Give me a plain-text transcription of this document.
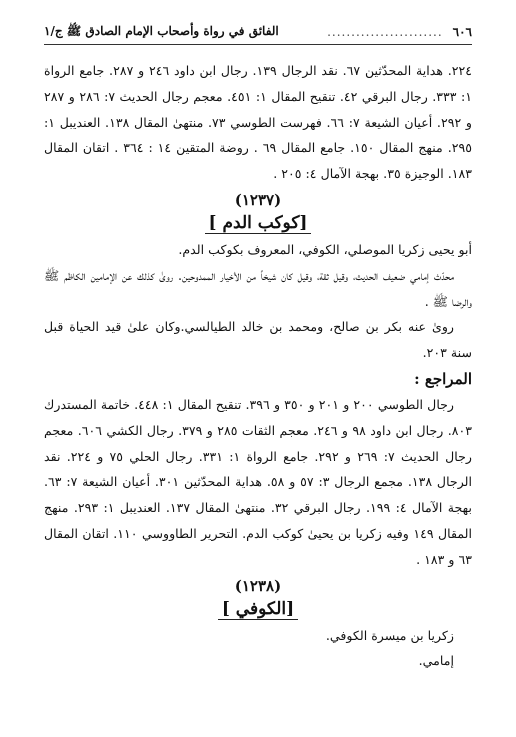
٦٠٦
........................
الفائق في رواة وأصحاب الإمام الصادق ﷺ ج/١

٢٢٤. هداية المحدّثين ٦٧. نقد الرجال ١٣٩. رجال ابن داود ٢٤٦ و ٢٨٧. جامع الرواة ١: ٣٣٣. رجال البرقي ٤٢. تنقيح المقال ١: ٤٥١. معجم رجال الحديث ٧: ٢٨٦ و ٢٨٧ و ٢٩٢. أعيان الشيعة ٧: ٦٦. فهرست الطوسي ٧٣. منتهىٰ المقال ١٣٨. العنديبل ١: ٢٩٥. منهج المقال ١٥٠. جامع المقال ٦٩ . روضة المتقين ١٤ : ٣٦٤ . اتقان المقال ١٨٣. الوجيزة ٣٥. بهجة الآمال ٤: ٢٠٥ .

(١٢٣٧)
[كوكب الدم ]

أبو يحيى زكريا الموصلي، الكوفي، المعروف بكوكب الدم.

محدّث إمامي ضعيف الحديث، وقيل ثقة، وقيل كان شيخاً من الأخيار الممدوحين. روىٰ كذلك عن الإمامين الكاظم ﷺ والرضا ﷺ .

روىٰ عنه بكر بن صالح، ومحمد بن خالد الطيالسي.وكان علىٰ قيد الحياة قبل سنة ٢٠٣.

المراجع :

رجال الطوسي ٢٠٠ و ٢٠١ و ٣٥٠ و ٣٩٦. تنقيح المقال ١: ٤٤٨. خاتمة المستدرك ٨٠٣. رجال ابن داود ٩٨ و ٢٤٦. معجم الثقات ٢٨٥ و ٣٧٩. رجال الكشي ٦٠٦. معجم رجال الحديث ٧: ٢٦٩ و ٢٩٢. جامع الرواة ١: ٣٣١. رجال الحلي ٧٥ و ٢٢٤. نقد الرجال ١٣٨. مجمع الرجال ٣: ٥٧ و ٥٨. هداية المحدّثين ٣٠١. أعيان الشيعة ٧: ٦٣. بهجة الآمال ٤: ١٩٩. رجال البرقي ٣٢. منتهىٰ المقال ١٣٧. العنديبل ١: ٢٩٣. منهج المقال ١٤٩ وفيه زكريا بن يحيىٰ كوكب الدم. التحرير الطاووسي ١١٠. اتقان المقال ٦٣ و ١٨٣ .

(١٢٣٨)
[الكوفي ]

زكريا بن ميسرة الكوفي.

إمامي.
